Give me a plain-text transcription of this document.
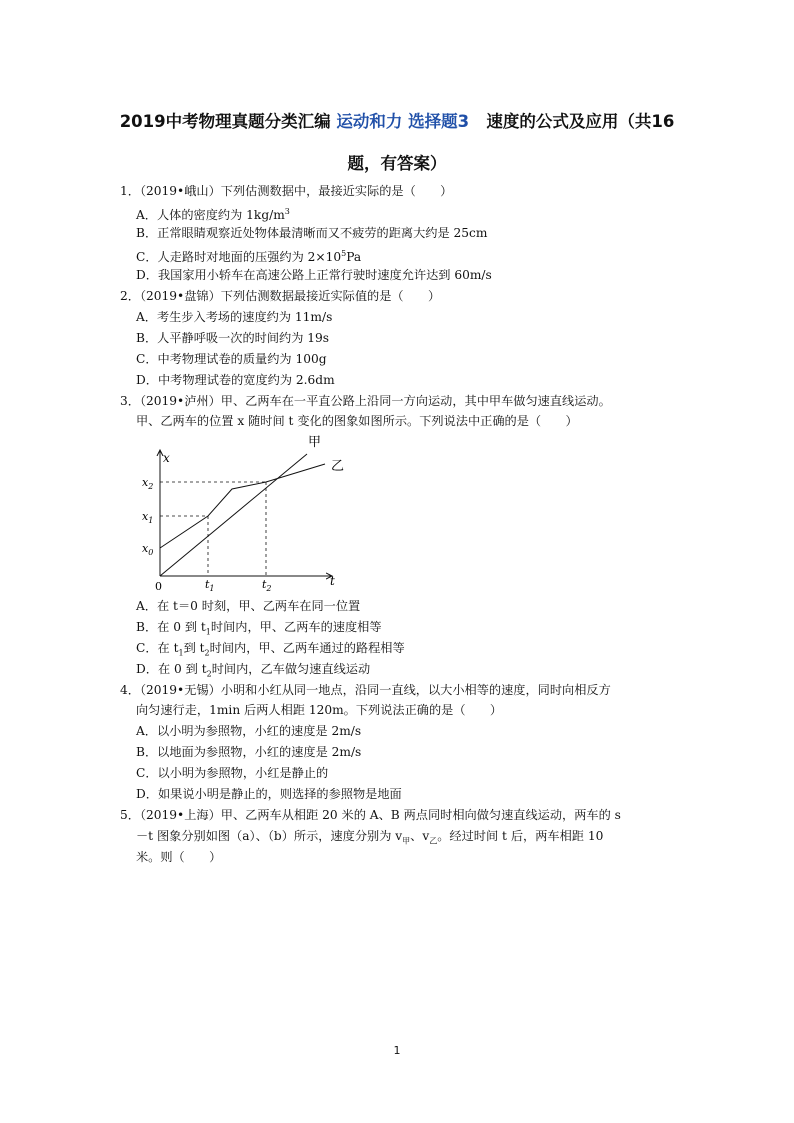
2019中考物理真题分类汇编 运动和力 选择题3 速度的公式及应用（共16
题，有答案）
1．（2019•峨山）下列估测数据中，最接近实际的是（　　）
A．人体的密度约为 $1kg/m^3$
B．正常眼睛观察近处物体最清晰而又不疲劳的距离大约是 25cm
C．人走路时对地面的压强约为 $2\times 10^5Pa$
D．我国家用小轿车在高速公路上正常行驶时速度允许达到 60m/s
2．（2019•盘锦）下列估测数据最接近实际值的是（　　）
A．考生步入考场的速度约为 11m/s
B．人平静呼吸一次的时间约为 19s
C．中考物理试卷的质量约为 100g
D．中考物理试卷的宽度约为 2.6dm
3．（2019•泸州）甲、乙两车在一平直公路上沿同一方向运动，其中甲车做匀速直线运动。
甲、乙两车的位置 x 随时间 t 变化的图象如图所示。下列说法中正确的是（　　）
t
x
0
甲
乙
$x_2$
$x_1$
$x_0$
$t_1$	$t_2$
A．在 t＝0 时刻，甲、乙两车在同一位置
B．在 0 到 $t_1$时间内，甲、乙两车的速度相等
C．在 $t_1$到 $t_2$时间内，甲、乙两车通过的路程相等
D．在 0 到 $t_2$时间内，乙车做匀速直线运动
4．（2019•无锡）小明和小红从同一地点，沿同一直线，以大小相等的速度，同时向相反方
向匀速行走，1min 后两人相距 120m。下列说法正确的是（　　）
A．以小明为参照物，小红的速度是 2m/s
B．以地面为参照物，小红的速度是 2m/s
C．以小明为参照物，小红是静止的
D．如果说小明是静止的，则选择的参照物是地面
5．（2019•上海）甲、乙两车从相距 20 米的 A、B 两点同时相向做匀速直线运动，两车的 s
－t 图象分别如图（a）、（b）所示，速度分别为 $v_甲$、$v_乙$。经过时间 t 后，两车相距 10
米。则（　　）
1
